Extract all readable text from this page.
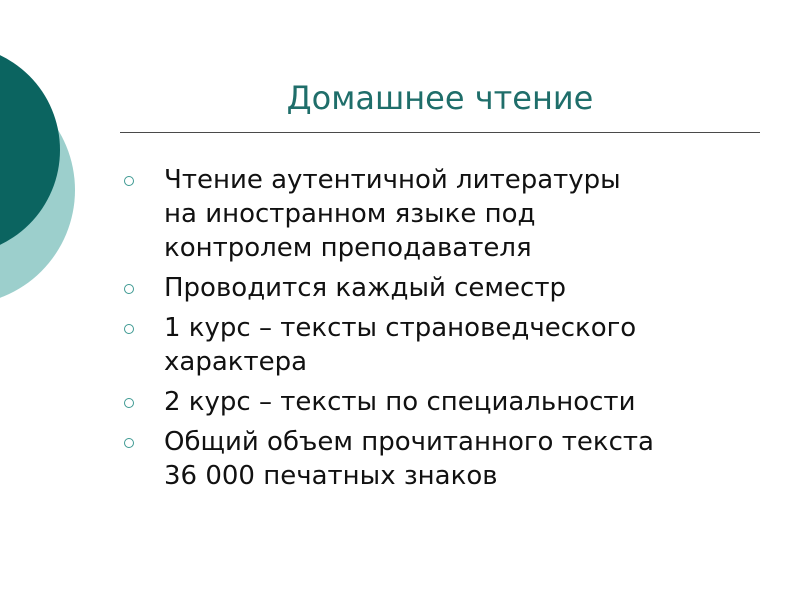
Домашнее чтение
Чтение аутентичной литературы
на иностранном языке под
контролем преподавателя
Проводится каждый семестр
1 курс – тексты страноведческого
характера
2 курс – тексты по специальности
Общий объем прочитанного текста
36 000 печатных знаков
